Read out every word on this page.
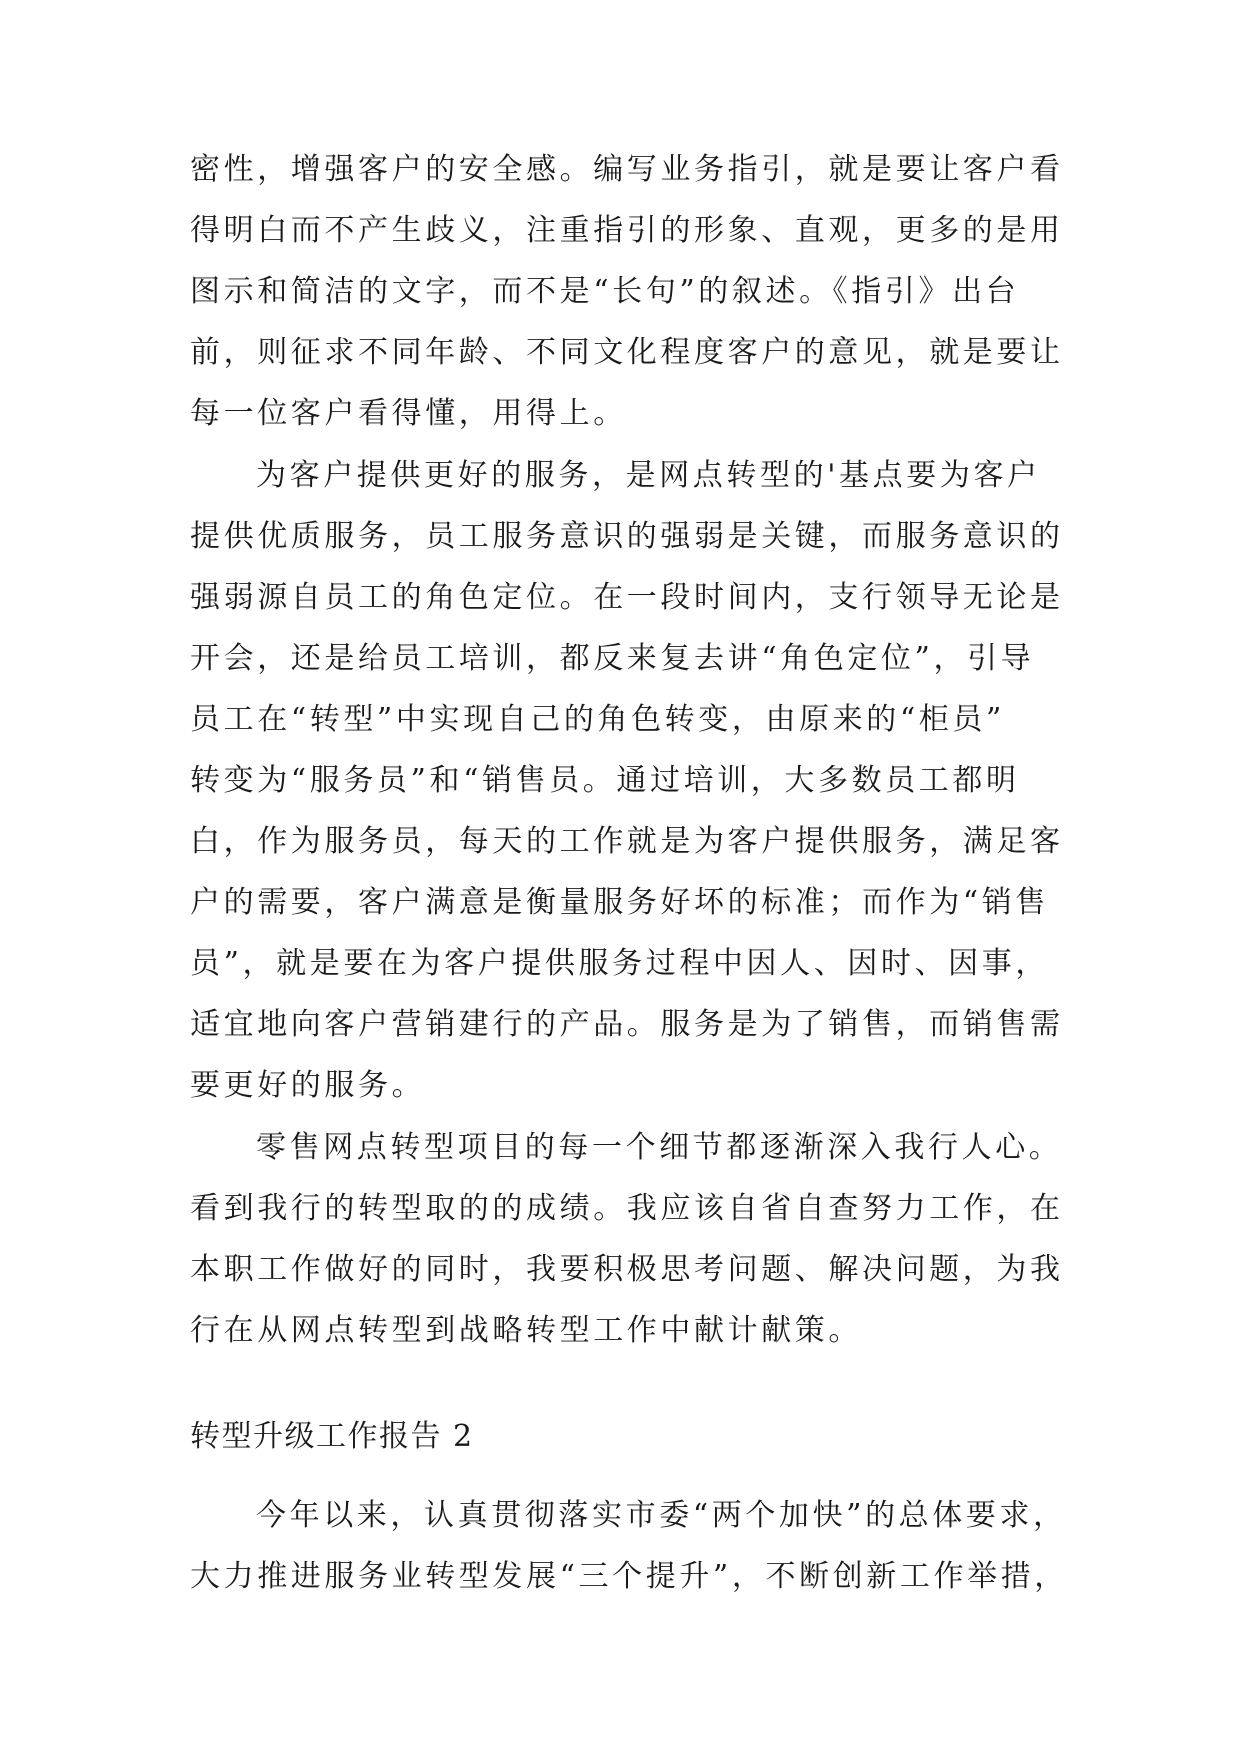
密性，增强客户的安全感。编写业务指引，就是要让客户看
得明白而不产生歧义，注重指引的形象、直观，更多的是用
图示和简洁的文字，而不是“长句”的叙述。《指引》出台
前，则征求不同年龄、不同文化程度客户的意见，就是要让
每一位客户看得懂，用得上。
为客户提供更好的服务，是网点转型的'基点要为客户
提供优质服务，员工服务意识的强弱是关键，而服务意识的
强弱源自员工的角色定位。在一段时间内，支行领导无论是
开会，还是给员工培训，都反来复去讲“角色定位”，引导
员工在“转型”中实现自己的角色转变，由原来的“柜员”
转变为“服务员”和“销售员。通过培训，大多数员工都明
白，作为服务员，每天的工作就是为客户提供服务，满足客
户的需要，客户满意是衡量服务好坏的标准；而作为“销售
员”，就是要在为客户提供服务过程中因人、因时、因事，
适宜地向客户营销建行的产品。服务是为了销售，而销售需
要更好的服务。
零售网点转型项目的每一个细节都逐渐深入我行人心。
看到我行的转型取的的成绩。我应该自省自查努力工作，在
本职工作做好的同时，我要积极思考问题、解决问题，为我
行在从网点转型到战略转型工作中献计献策。
转型升级工作报告 2
今年以来，认真贯彻落实市委“两个加快”的总体要求，
大力推进服务业转型发展“三个提升”，不断创新工作举措，
